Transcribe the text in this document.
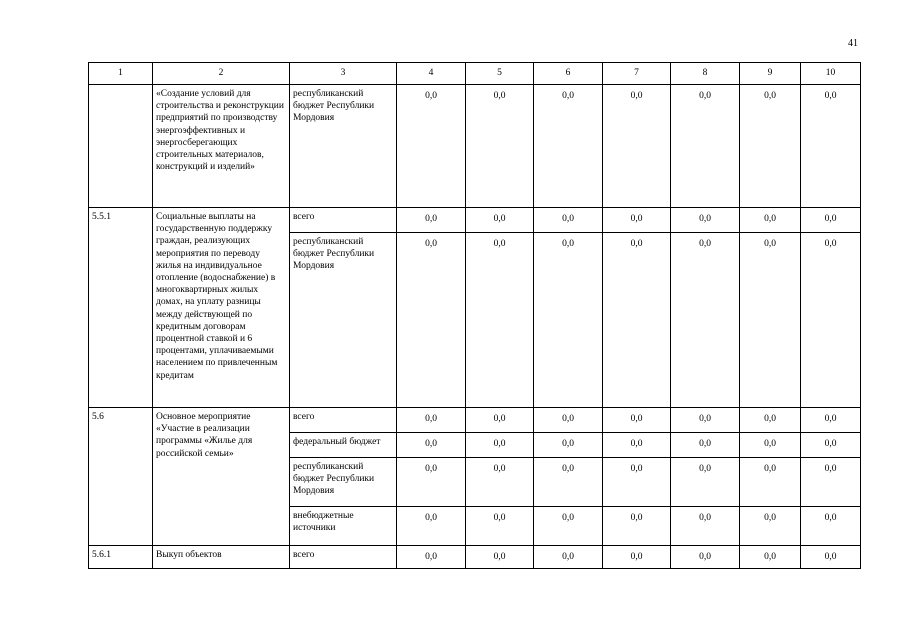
41
1	2	3	4	5	6	7	8	9	10
	«Создание условий для строительства и реконструкции предприятий по производству энергоэффективных и энергосберегающих строительных материалов, конструкций и изделий»	республиканский бюджет Республики Мордовия	0,0	0,0	0,0	0,0	0,0	0,0	0,0
5.5.1	Социальные выплаты на государственную поддержку граждан, реализующих мероприятия по переводу жилья на индивидуальное отопление (водоснабжение) в многоквартирных жилых домах, на уплату разницы между действующей по кредитным договорам процентной ставкой и 6 процентами, уплачиваемыми населением по привлеченным кредитам	всего	0,0	0,0	0,0	0,0	0,0	0,0	0,0
		республиканский бюджет Республики Мордовия	0,0	0,0	0,0	0,0	0,0	0,0	0,0
5.6	Основное мероприятие «Участие в реализации программы «Жилье для российской семьи»	всего	0,0	0,0	0,0	0,0	0,0	0,0	0,0
		федеральный бюджет	0,0	0,0	0,0	0,0	0,0	0,0	0,0
		республиканский бюджет Республики Мордовия	0,0	0,0	0,0	0,0	0,0	0,0	0,0
		внебюджетные источники	0,0	0,0	0,0	0,0	0,0	0,0	0,0
5.6.1	Выкуп объектов	всего	0,0	0,0	0,0	0,0	0,0	0,0	0,0
